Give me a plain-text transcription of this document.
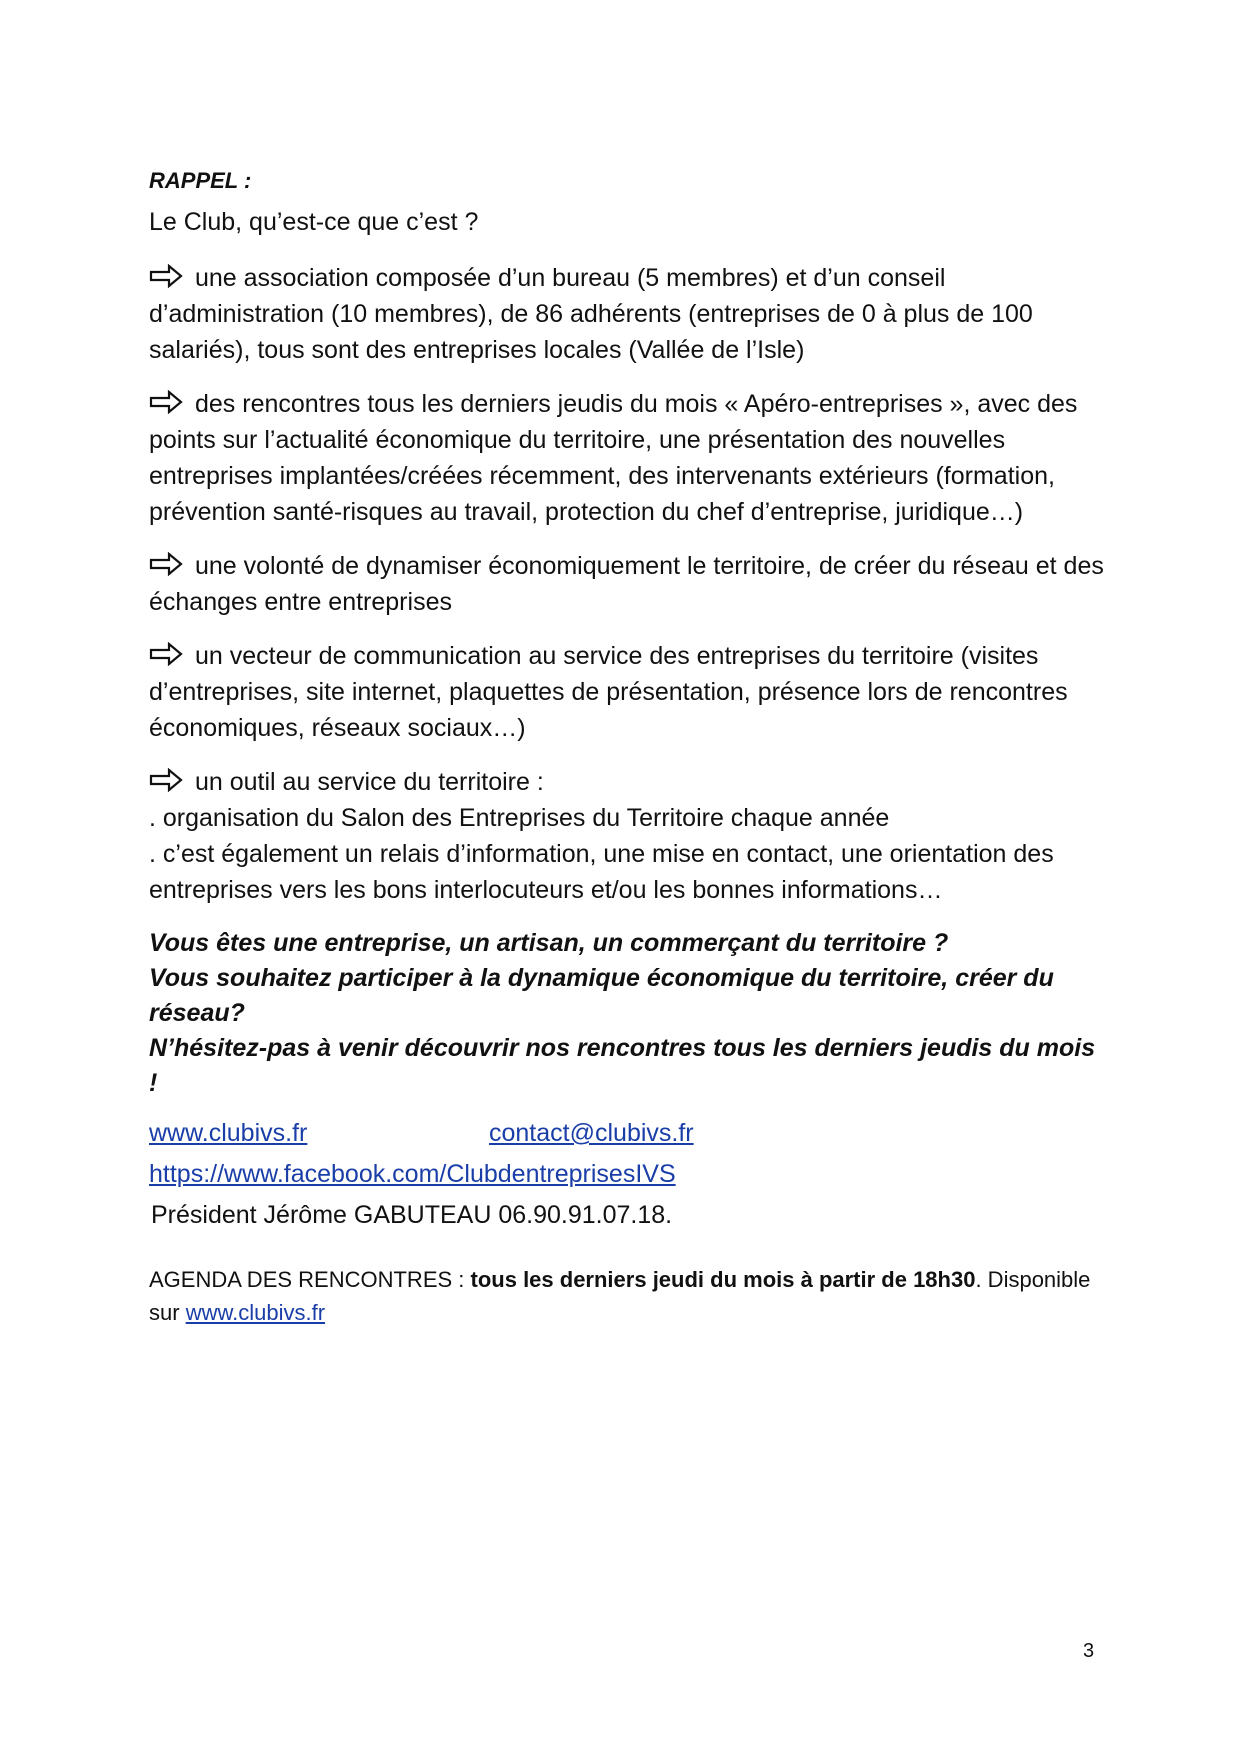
RAPPEL :
Le Club, qu’est-ce que c’est ?
une association composée d’un bureau (5 membres) et d’un conseil d’administration (10 membres), de 86 adhérents (entreprises de 0 à plus de 100 salariés), tous sont des entreprises locales (Vallée de l’Isle)
des rencontres tous les derniers jeudis du mois « Apéro-entreprises », avec des points sur l’actualité économique du territoire, une présentation des nouvelles entreprises implantées/créées récemment, des intervenants extérieurs (formation, prévention santé-risques au travail, protection du chef d’entreprise, juridique…)
une volonté de dynamiser économiquement le territoire, de créer du réseau et des échanges entre entreprises
un vecteur de communication au service des entreprises du territoire (visites d’entreprises, site internet, plaquettes de présentation, présence lors de rencontres économiques, réseaux sociaux…)
un outil au service du territoire :
. organisation du Salon des Entreprises du Territoire chaque année
. c’est également un relais d’information, une mise en contact, une orientation des entreprises vers les bons interlocuteurs et/ou les bonnes informations…
Vous êtes une entreprise, un artisan, un commerçant du territoire ?
Vous souhaitez participer à la dynamique économique du territoire, créer du réseau?
N’hésitez-pas à venir découvrir nos rencontres tous les derniers jeudis du mois !
www.clubivs.fr	contact@clubivs.fr
https://www.facebook.com/ClubdentreprisesIVS
Président Jérôme GABUTEAU 06.90.91.07.18.
AGENDA DES RENCONTRES : tous les derniers jeudi du mois à partir de 18h30. Disponible sur www.clubivs.fr
3
